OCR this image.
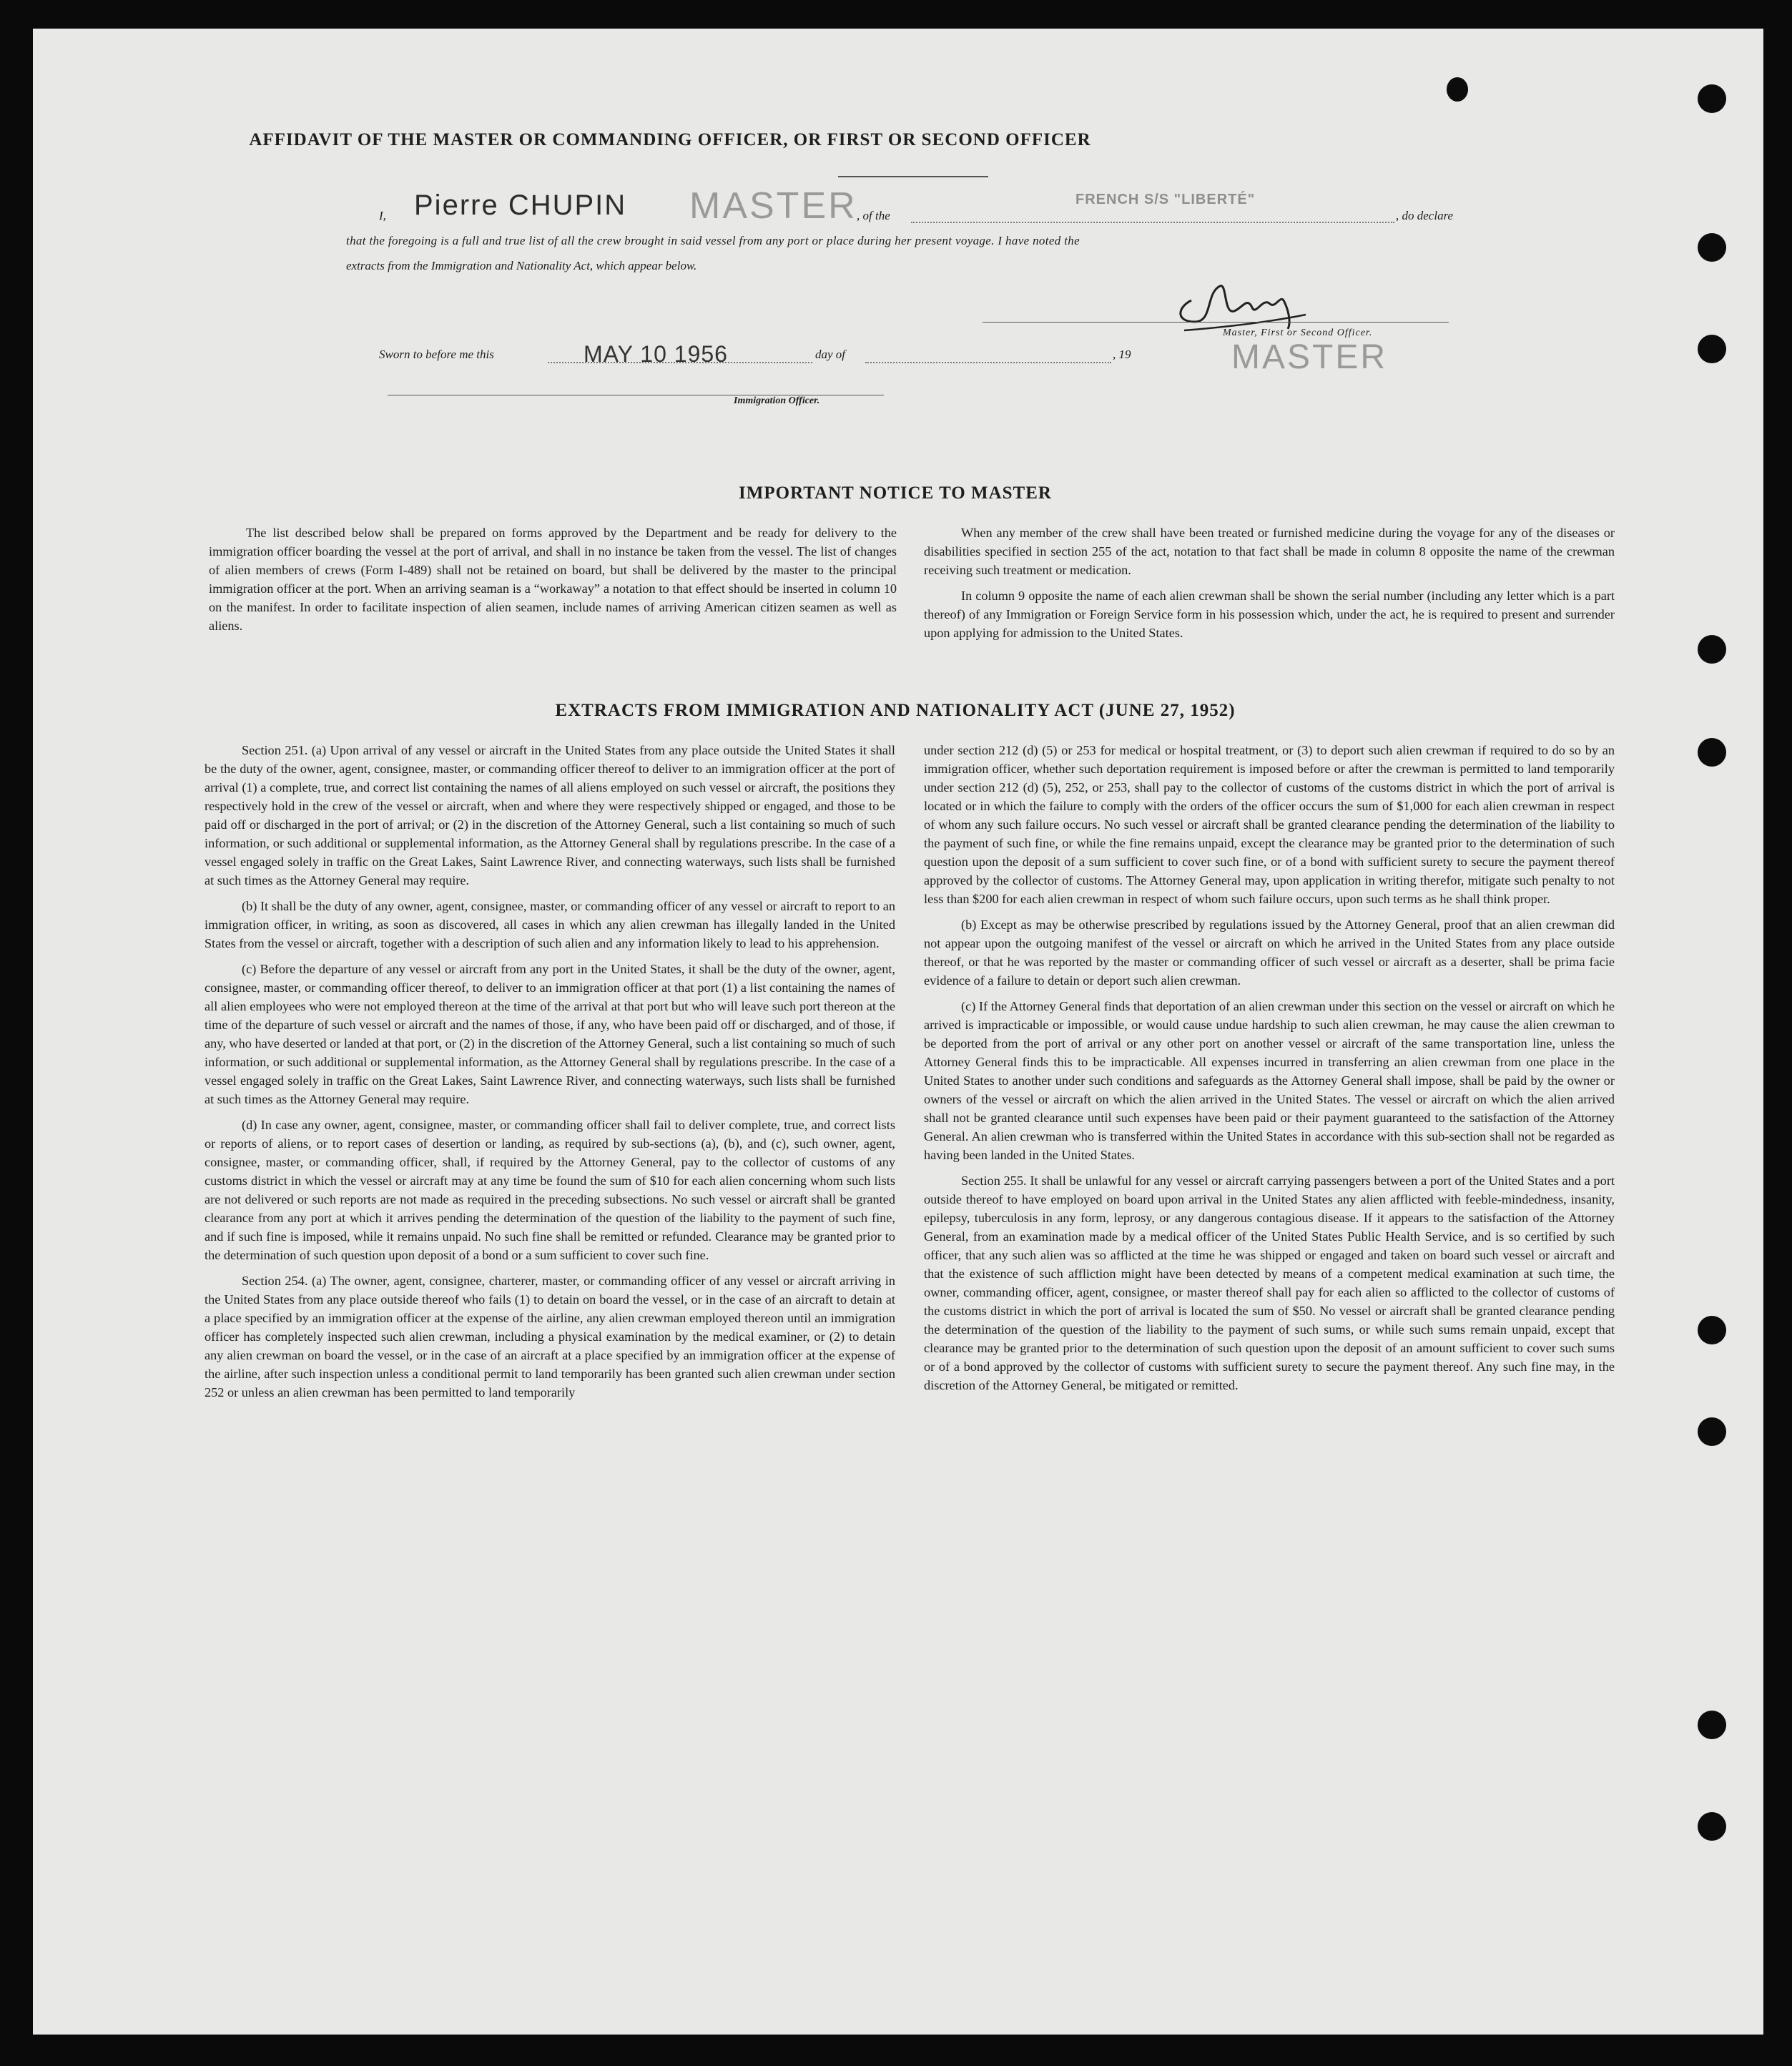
AFFIDAVIT OF THE MASTER OR COMMANDING OFFICER, OR FIRST OR SECOND OFFICER
I, Pierre CHUPIN MASTER , of the
FRENCH S/S "LIBERTÉ"
, do declare
that the foregoing is a full and true list of all the crew brought in said vessel from any port or place during her present voyage. I have noted the
extracts from the Immigration and Nationality Act, which appear below.
Master, First or Second Officer.
Sworn to before me this	MAY 10 1956	day of	, 19	MASTER
Immigration Officer.
IMPORTANT NOTICE TO MASTER

The list described below shall be prepared on forms approved by the Department and be ready for delivery to the immigration officer boarding the vessel at the port of arrival, and shall in no instance be taken from the vessel. The list of changes of alien members of crews (Form I-489) shall not be retained on board, but shall be delivered by the master to the principal immigration officer at the port. When an arriving seaman is a “workaway” a notation to that effect should be inserted in column 10 on the manifest. In order to facilitate inspection of alien seamen, include names of arriving American citizen seamen as well as aliens.

When any member of the crew shall have been treated or furnished medicine during the voyage for any of the diseases or disabilities specified in section 255 of the act, notation to that fact shall be made in column 8 opposite the name of the crewman receiving such treatment or medication.

In column 9 opposite the name of each alien crewman shall be shown the serial number (including any letter which is a part thereof) of any Immigration or Foreign Service form in his possession which, under the act, he is required to present and surrender upon applying for admission to the United States.

EXTRACTS FROM IMMIGRATION AND NATIONALITY ACT (JUNE 27, 1952)

Section 251. (a) Upon arrival of any vessel or aircraft in the United States from any place outside the United States it shall be the duty of the owner, agent, consignee, master, or commanding officer thereof to deliver to an immigration officer at the port of arrival (1) a complete, true, and correct list containing the names of all aliens employed on such vessel or aircraft, the positions they respectively hold in the crew of the vessel or aircraft, when and where they were respectively shipped or engaged, and those to be paid off or discharged in the port of arrival; or (2) in the discretion of the Attorney General, such a list containing so much of such information, or such additional or supplemental information, as the Attorney General shall by regulations prescribe. In the case of a vessel engaged solely in traffic on the Great Lakes, Saint Lawrence River, and connecting waterways, such lists shall be furnished at such times as the Attorney General may require.

(b) It shall be the duty of any owner, agent, consignee, master, or commanding officer of any vessel or aircraft to report to an immigration officer, in writing, as soon as discovered, all cases in which any alien crewman has illegally landed in the United States from the vessel or aircraft, together with a description of such alien and any information likely to lead to his apprehension.

(c) Before the departure of any vessel or aircraft from any port in the United States, it shall be the duty of the owner, agent, consignee, master, or commanding officer thereof, to deliver to an immigration officer at that port (1) a list containing the names of all alien employees who were not employed thereon at the time of the arrival at that port but who will leave such port thereon at the time of the departure of such vessel or aircraft and the names of those, if any, who have been paid off or discharged, and of those, if any, who have deserted or landed at that port, or (2) in the discretion of the Attorney General, such a list containing so much of such information, or such additional or supplemental information, as the Attorney General shall by regulations prescribe. In the case of a vessel engaged solely in traffic on the Great Lakes, Saint Lawrence River, and connecting waterways, such lists shall be furnished at such times as the Attorney General may require.

(d) In case any owner, agent, consignee, master, or commanding officer shall fail to deliver complete, true, and correct lists or reports of aliens, or to report cases of desertion or landing, as required by sub-sections (a), (b), and (c), such owner, agent, consignee, master, or commanding officer, shall, if required by the Attorney General, pay to the collector of customs of any customs district in which the vessel or aircraft may at any time be found the sum of $10 for each alien concerning whom such lists are not delivered or such reports are not made as required in the preceding subsections. No such vessel or aircraft shall be granted clearance from any port at which it arrives pending the determination of the question of the liability to the payment of such fine, and if such fine is imposed, while it remains unpaid. No such fine shall be remitted or refunded. Clearance may be granted prior to the determination of such question upon deposit of a bond or a sum sufficient to cover such fine.

Section 254. (a) The owner, agent, consignee, charterer, master, or commanding officer of any vessel or aircraft arriving in the United States from any place outside thereof who fails (1) to detain on board the vessel, or in the case of an aircraft to detain at a place specified by an immigration officer at the expense of the airline, any alien crewman employed thereon until an immigration officer has completely inspected such alien crewman, including a physical examination by the medical examiner, or (2) to detain any alien crewman on board the vessel, or in the case of an aircraft at a place specified by an immigration officer at the expense of the airline, after such inspection unless a conditional permit to land temporarily has been granted such alien crewman under section 252 or unless an alien crewman has been permitted to land temporarily

under section 212 (d) (5) or 253 for medical or hospital treatment, or (3) to deport such alien crewman if required to do so by an immigration officer, whether such deportation requirement is imposed before or after the crewman is permitted to land temporarily under section 212 (d) (5), 252, or 253, shall pay to the collector of customs of the customs district in which the port of arrival is located or in which the failure to comply with the orders of the officer occurs the sum of $1,000 for each alien crewman in respect of whom any such failure occurs. No such vessel or aircraft shall be granted clearance pending the determination of the liability to the payment of such fine, or while the fine remains unpaid, except the clearance may be granted prior to the determination of such question upon the deposit of a sum sufficient to cover such fine, or of a bond with sufficient surety to secure the payment thereof approved by the collector of customs. The Attorney General may, upon application in writing therefor, mitigate such penalty to not less than $200 for each alien crewman in respect of whom such failure occurs, upon such terms as he shall think proper.

(b) Except as may be otherwise prescribed by regulations issued by the Attorney General, proof that an alien crewman did not appear upon the outgoing manifest of the vessel or aircraft on which he arrived in the United States from any place outside thereof, or that he was reported by the master or commanding officer of such vessel or aircraft as a deserter, shall be prima facie evidence of a failure to detain or deport such alien crewman.

(c) If the Attorney General finds that deportation of an alien crewman under this section on the vessel or aircraft on which he arrived is impracticable or impossible, or would cause undue hardship to such alien crewman, he may cause the alien crewman to be deported from the port of arrival or any other port on another vessel or aircraft of the same transportation line, unless the Attorney General finds this to be impracticable. All expenses incurred in transferring an alien crewman from one place in the United States to another under such conditions and safeguards as the Attorney General shall impose, shall be paid by the owner or owners of the vessel or aircraft on which the alien arrived in the United States. The vessel or aircraft on which the alien arrived shall not be granted clearance until such expenses have been paid or their payment guaranteed to the satisfaction of the Attorney General. An alien crewman who is transferred within the United States in accordance with this sub-section shall not be regarded as having been landed in the United States.

Section 255. It shall be unlawful for any vessel or aircraft carrying passengers between a port of the United States and a port outside thereof to have employed on board upon arrival in the United States any alien afflicted with feeble-mindedness, insanity, epilepsy, tuberculosis in any form, leprosy, or any dangerous contagious disease. If it appears to the satisfaction of the Attorney General, from an examination made by a medical officer of the United States Public Health Service, and is so certified by such officer, that any such alien was so afflicted at the time he was shipped or engaged and taken on board such vessel or aircraft and that the existence of such affliction might have been detected by means of a competent medical examination at such time, the owner, commanding officer, agent, consignee, or master thereof shall pay for each alien so afflicted to the collector of customs of the customs district in which the port of arrival is located the sum of $50. No vessel or aircraft shall be granted clearance pending the determination of the question of the liability to the payment of such sums, or while such sums remain unpaid, except that clearance may be granted prior to the determination of such question upon the deposit of an amount sufficient to cover such sums or of a bond approved by the collector of customs with sufficient surety to secure the payment thereof. Any such fine may, in the discretion of the Attorney General, be mitigated or remitted.
